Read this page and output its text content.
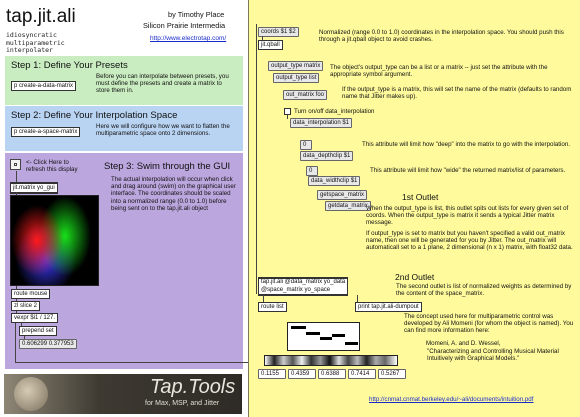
tap.jit.ali
idiosyncratic multiparametric interpolater
by Timothy Place
Silicon Prairie Intermedia
http://www.electrotap.com/
Step 1: Define Your Presets
p create-a-data-matrix
Before you can interpolate between presets, you must define the presets and create a matrix to store them in.
Step 2: Define Your Interpolation Space
p create-a-space-matrix
Here we will configure how we want to flatten the multiparametric space onto 2 dimensions.
<- Click Here to refresh this display	Step 3: Swim through the GUI
The actual interpolation will occur when click and drag around (swim) on the graphical user interface. The coordinates should be scaled into a normalized range (0.0 to 1.0) before being sent on to the tap.jit.ali object
jit.matrix yo_gui
route mouse
zl slice 2
vexpr $i1 / 127.
prepend set
0.606299 0.377953
Tap.Tools
for Max, MSP, and Jitter
coords $1 $2
jit.qball
Normalized (range 0.0 to 1.0) coordinates in the interpolation space. You should push this through a jit.qball object to avoid crashes.
output_type matrix
output_type list
The object's output_type can be a list or a matrix -- just set the attribute with the appropriate symbol argument.
out_matrix foo
If the output_type is a matrix, this will set the name of the matrix (defaults to random name that Jitter makes up).
Turn on/off data_interpolation
data_interpolation $1
0
data_depthclip $1
This attribute will limit how "deep" into the matrix to go with the interpolation.
0
data_widthclip $1
This attribute will limit how "wide" the returned matrix/list of parameters.
getspace_matrix
getdata_matrix
1st Outlet
When the output_type is list, this outlet spits out lists for every given set of coords. When the output_type is matrix it sends a typical Jitter matrix message.
If output_type is set to matrix but you haven't specified a valid out_matrix name, then one will be generated for you by Jitter. The out_matrix will automaticall set to a 1 plane, 2 dimensional (n x 1) matrix, with float32 data.
tap.jit.ali @data_matrix yo_data
@space_matrix yo_space
2nd Outlet
The second outlet is list of normalized weights as determined by the content of the space_matrix.
route list	print tap.jit.ali-dumpout
0.1155	0.4359	0.6388	0.7414	0.5267
The concept used here for multiparametric control was developed by Ali Momeni (for whom the object is named). You can find more information here:
Momeni, A. and D. Wessel,
"Characterizing and Controlling Musical Material Intuitively with Graphical Models."
http://cnmat.cnmat.berkeley.edu/~ali/documents/intuition.pdf
